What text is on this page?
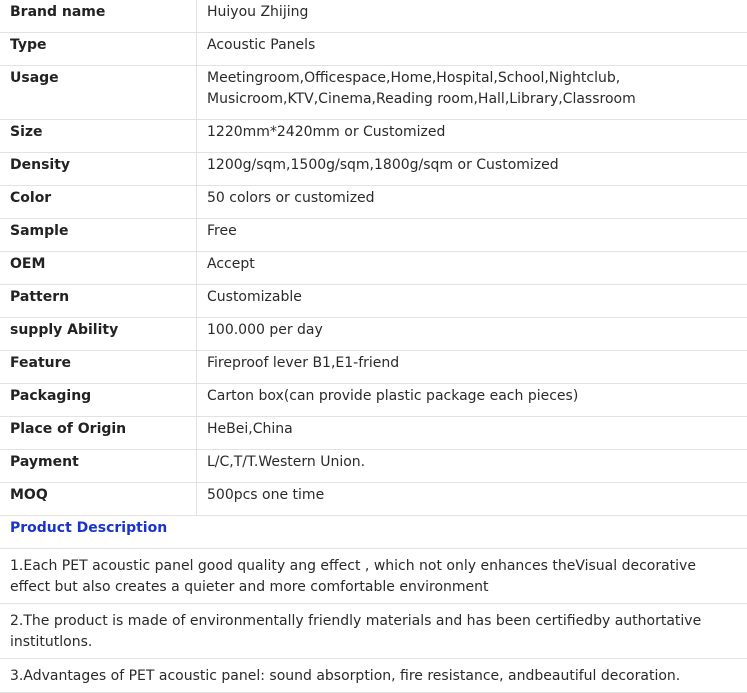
Brand name	Huiyou Zhijing
Type	Acoustic Panels
Usage	Meetingroom,Officespace,Home,Hospital,School,Nightclub, Musicroom,KTV,Cinema,Reading room,Hall,Library,Classroom
Size	1220mm*2420mm or Customized
Density	1200g/sqm,1500g/sqm,1800g/sqm or Customized
Color	50 colors or customized
Sample	Free
OEM	Accept
Pattern	Customizable
supply Ability	100.000 per day
Feature	Fireproof lever B1,E1-friend
Packaging	Carton box(can provide plastic package each pieces)
Place of Origin	HeBei,China
Payment	L/C,T/T.Western Union.
MOQ	500pcs one time
Product Description	
1.Each PET acoustic panel good quality ang effect , which not only enhances theVisual decorative effect but also creates a quieter and more comfortable environment	
2.The product is made of environmentally friendly materials and has been certifiedby authortative institutlons.	
3.Advantages of PET acoustic panel: sound absorption, fire resistance, andbeautiful decoration.	
